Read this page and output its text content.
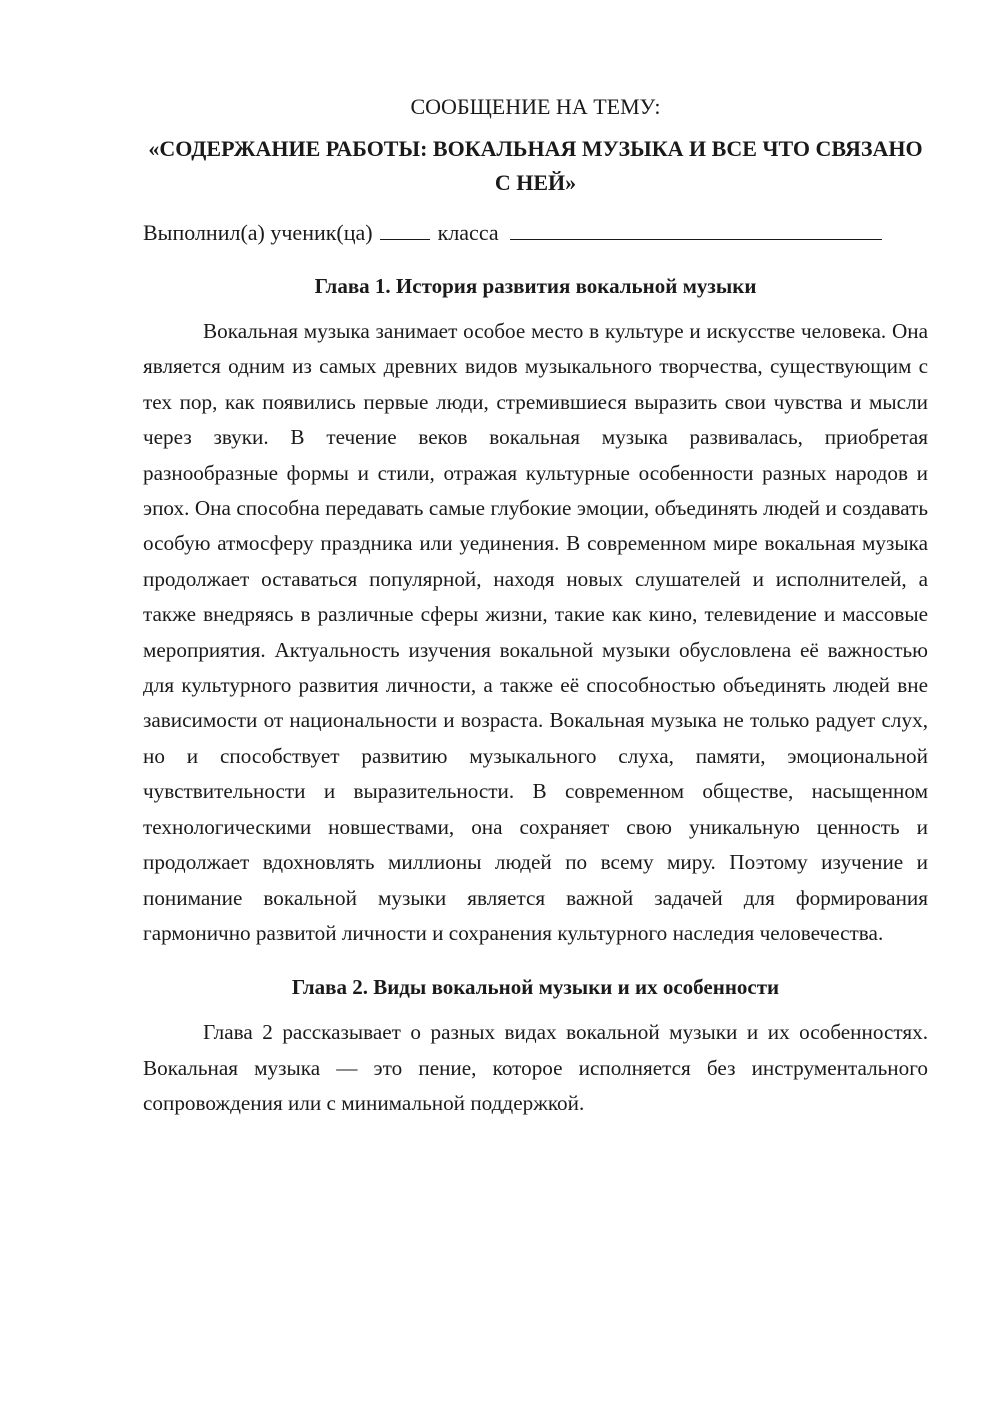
СООБЩЕНИЕ НА ТЕМУ:
«СОДЕРЖАНИЕ РАБОТЫ: ВОКАЛЬНАЯ МУЗЫКА И ВСЕ ЧТО СВЯЗАНО С НЕЙ»
Выполнил(а) ученик(ца)	класса
Глава 1. История развития вокальной музыки

Вокальная музыка занимает особое место в культуре и искусстве человека. Она является одним из самых древних видов музыкального творчества, существующим с тех пор, как появились первые люди, стремившиеся выразить свои чувства и мысли через звуки. В течение веков вокальная музыка развивалась, приобретая разнообразные формы и стили, отражая культурные особенности разных народов и эпох. Она способна передавать самые глубокие эмоции, объединять людей и создавать особую атмосферу праздника или уединения. В современном мире вокальная музыка продолжает оставаться популярной, находя новых слушателей и исполнителей, а также внедряясь в различные сферы жизни, такие как кино, телевидение и массовые мероприятия. Актуальность изучения вокальной музыки обусловлена её важностью для культурного развития личности, а также её способностью объединять людей вне зависимости от национальности и возраста. Вокальная музыка не только радует слух, но и способствует развитию музыкального слуха, памяти, эмоциональной чувствительности и выразительности. В современном обществе, насыщенном технологическими новшествами, она сохраняет свою уникальную ценность и продолжает вдохновлять миллионы людей по всему миру. Поэтому изучение и понимание вокальной музыки является важной задачей для формирования гармонично развитой личности и сохранения культурного наследия человечества.

Глава 2. Виды вокальной музыки и их особенности

Глава 2 рассказывает о разных видах вокальной музыки и их особенностях. Вокальная музыка — это пение, которое исполняется без инструментального сопровождения или с минимальной поддержкой.
